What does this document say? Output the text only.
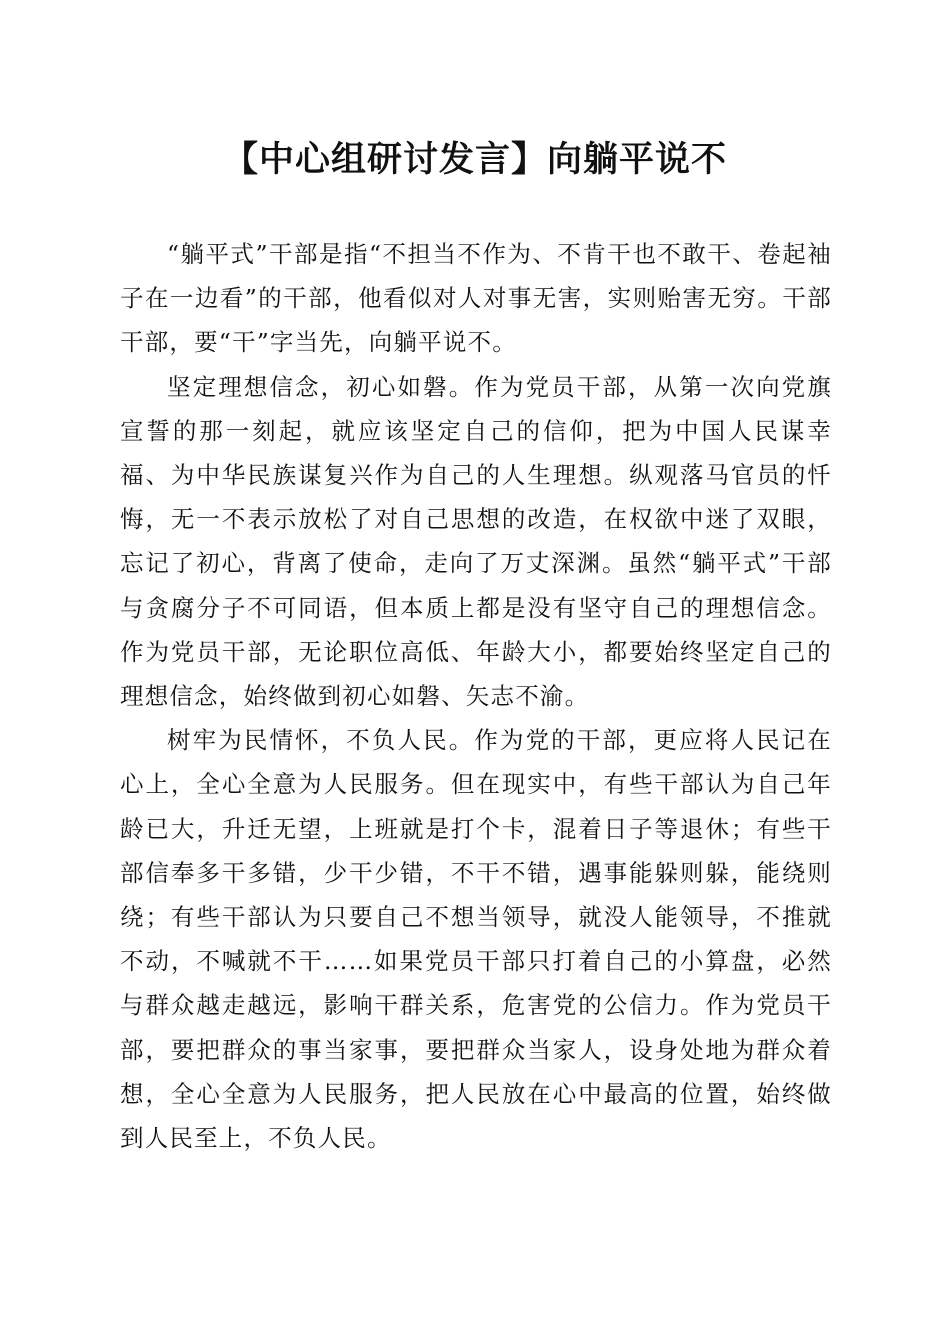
【中心组研讨发言】向躺平说不

“躺平式”干部是指“不担当不作为、不肯干也不敢干、卷起袖子在一边看”的干部，他看似对人对事无害，实则贻害无穷。干部干部，要“干”字当先，向躺平说不。

坚定理想信念，初心如磐。作为党员干部，从第一次向党旗宣誓的那一刻起，就应该坚定自己的信仰，把为中国人民谋幸福、为中华民族谋复兴作为自己的人生理想。纵观落马官员的忏悔，无一不表示放松了对自己思想的改造，在权欲中迷了双眼，忘记了初心，背离了使命，走向了万丈深渊。虽然“躺平式”干部与贪腐分子不可同语，但本质上都是没有坚守自己的理想信念。作为党员干部，无论职位高低、年龄大小，都要始终坚定自己的理想信念，始终做到初心如磐、矢志不渝。

树牢为民情怀，不负人民。作为党的干部，更应将人民记在心上，全心全意为人民服务。但在现实中，有些干部认为自己年龄已大，升迁无望，上班就是打个卡，混着日子等退休；有些干部信奉多干多错，少干少错，不干不错，遇事能躲则躲，能绕则绕；有些干部认为只要自己不想当领导，就没人能领导，不推就不动，不喊就不干……如果党员干部只打着自己的小算盘，必然与群众越走越远，影响干群关系，危害党的公信力。作为党员干部，要把群众的事当家事，要把群众当家人，设身处地为群众着想，全心全意为人民服务，把人民放在心中最高的位置，始终做到人民至上，不负人民。
